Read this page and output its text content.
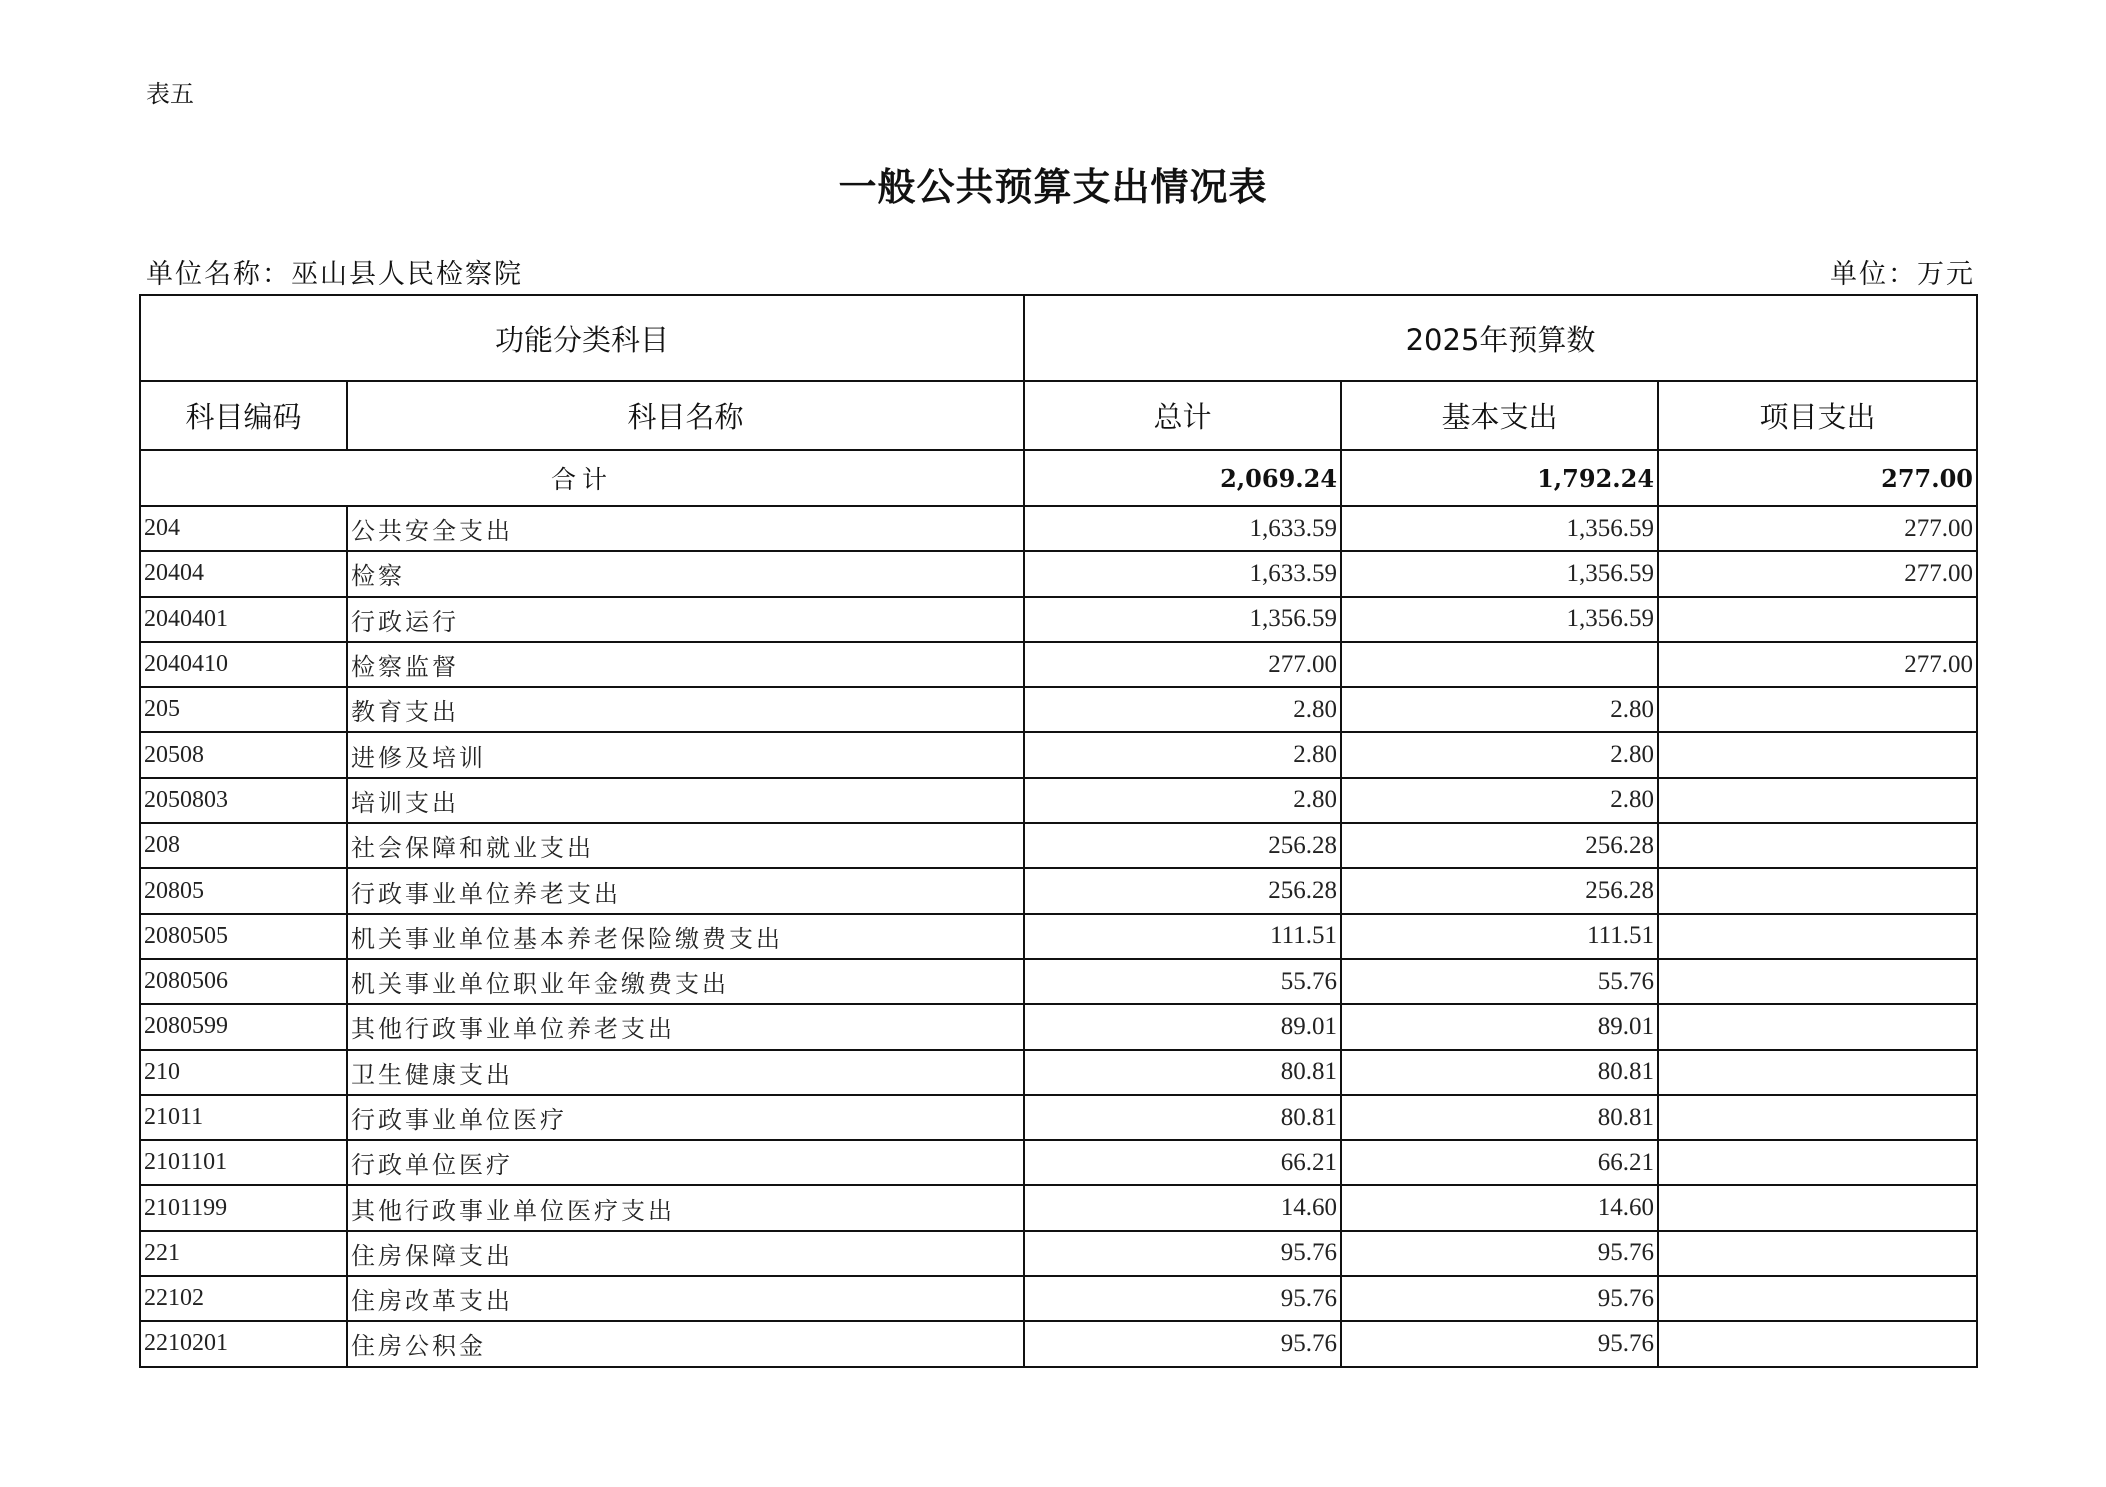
表五
一般公共预算支出情况表
单位名称：巫山县人民检察院	单位：万元
功能分类科目		2025年预算数		
科目编码	科目名称	总计	基本支出	项目支出
合计		2,069.24	1,792.24	277.00
204	公共安全支出	1,633.59	1,356.59	277.00
20404	检察	1,633.59	1,356.59	277.00
2040401	行政运行	1,356.59	1,356.59	
2040410	检察监督	277.00		277.00
205	教育支出	2.80	2.80	
20508	进修及培训	2.80	2.80	
2050803	培训支出	2.80	2.80	
208	社会保障和就业支出	256.28	256.28	
20805	行政事业单位养老支出	256.28	256.28	
2080505	机关事业单位基本养老保险缴费支出	111.51	111.51	
2080506	机关事业单位职业年金缴费支出	55.76	55.76	
2080599	其他行政事业单位养老支出	89.01	89.01	
210	卫生健康支出	80.81	80.81	
21011	行政事业单位医疗	80.81	80.81	
2101101	行政单位医疗	66.21	66.21	
2101199	其他行政事业单位医疗支出	14.60	14.60	
221	住房保障支出	95.76	95.76	
22102	住房改革支出	95.76	95.76	
2210201	住房公积金	95.76	95.76	
